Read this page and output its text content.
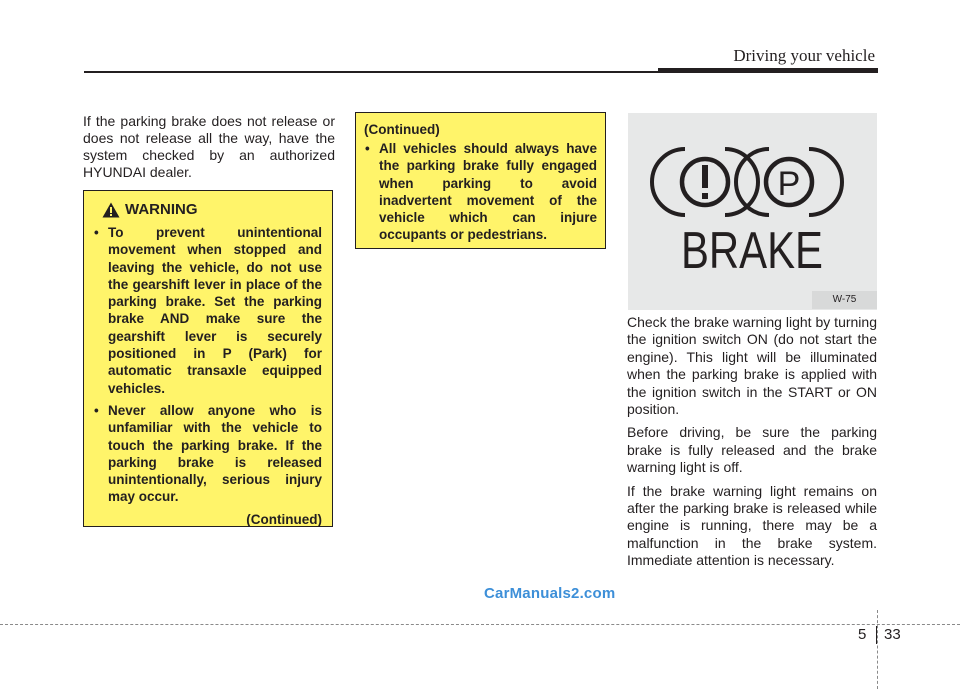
Driving your vehicle

If the parking brake does not release or does not release all the way, have the system checked by an authorized HYUNDAI dealer.

WARNING

• To prevent unintentional movement when stopped and leaving the vehicle, do not use the gearshift lever in place of the parking brake. Set the parking brake AND make sure the gearshift lever is securely positioned in P (Park) for automatic transaxle equipped vehicles.

• Never allow anyone who is unfamiliar with the vehicle to touch the parking brake. If the parking brake is released unintentionally, serious injury may occur.

(Continued)
(Continued)

• All vehicles should always have the parking brake fully engaged when parking to avoid inadvertent movement of the vehicle which can injure occupants or pedestrians.

P
BRAKE
W-75

Check the brake warning light by turning the ignition switch ON (do not start the engine). This light will be illuminated when the parking brake is applied with the ignition switch in the START or ON position.

Before driving, be sure the parking brake is fully released and the brake warning light is off.

If the brake warning light remains on after the parking brake is released while engine is running, there may be a malfunction in the brake system. Immediate attention is necessary.

CarManuals2.com
5 33
